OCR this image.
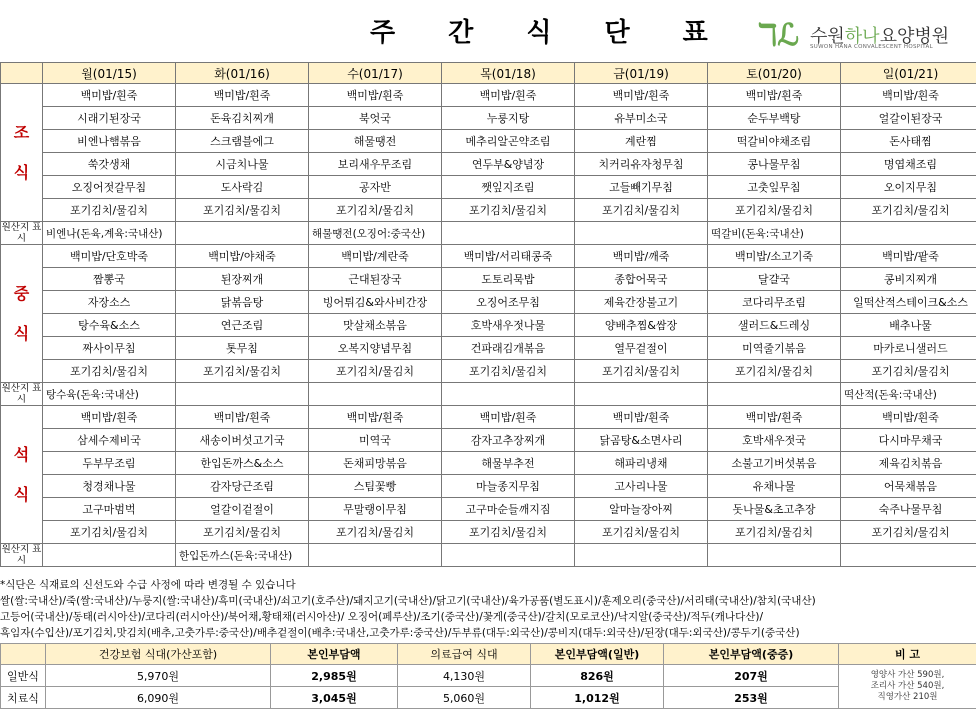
주 간 식 단 표 ℸℒ 수원하나요양병원
SUWON HANA CONVALESCENT HOSPITAL
	월(01/15)	화(01/16)	수(01/17)	목(01/18)	금(01/19)	토(01/20)	일(01/21)

조
식	백미밥/흰죽	백미밥/흰죽	백미밥/흰죽	백미밥/흰죽	백미밥/흰죽	백미밥/흰죽	백미밥/흰죽
	시래기된장국	돈육김치찌개	북엇국	누룽지탕	유부미소국	순두부백탕	얼갈이된장국
	비엔나햄볶음	스크램블에그	해물땡전	메추리알곤약조림	계란찜	떡갈비야채조림	돈사태찜
	쑥갓생채	시금치나물	보리새우무조림	연두부&양념장	치커리유자청무침	콩나물무침	명엽채조림
	오징어젓갈무침	도사락김	공자반	쨋잎지조림	고들빼기무침	고춧잎무침	오이지무침
	포기김치/물김치	포기김치/물김치	포기김치/물김치	포기김치/물김치	포기김치/물김치	포기김치/물김치	포기김치/물김치
원산지 표시	비엔나(돈육,계육:국내산)		해물땡전(오징어:중국산)			떡갈비(돈육:국내산)	

중
식	백미밥/단호박죽	백미밥/야채죽	백미밥/계란죽	백미밥/서리태콩죽	백미밥/깨죽	백미밥/소고기죽	백미밥/팥죽
	짬뽕국	된장찌개	근대된장국	도토리묵밥	종합어묵국	달걀국	콩비지찌개
	자장소스	닭볶음탕	빙어튀김&와사비간장	오징어조무침	제육간장불고기	코다리무조림	일떡산적스테이크&소스
	탕수육&소스	연근조림	맛살채소볶음	호박새우젓나물	양배추찜&쌈장	샐러드&드레싱	배추나물
	짜사이무침	톳무침	오복지양념무침	건파래김개볶음	열무겉절이	미역줄기볶음	마카로니샐러드
	포기김치/물김치	포기김치/물김치	포기김치/물김치	포기김치/물김치	포기김치/물김치	포기김치/물김치	포기김치/물김치
원산지 표시	탕수육(돈육:국내산)						떡산적(돈육:국내산)

석
식	백미밥/흰죽	백미밥/흰죽	백미밥/흰죽	백미밥/흰죽	백미밥/흰죽	백미밥/흰죽	백미밥/흰죽
	삼세수제비국	새송이버섯고기국	미역국	감자고추장찌개	닭곰탕&소면사리	호박새우젓국	다시마무채국
	두부무조림	한입돈까스&소스	돈채피망볶음	해물부추전	해파리냉채	소불고기버섯볶음	제육김치볶음
	청경채나물	감자당근조림	스팀꽃빵	마늘종지무침	고사리나물	유채나물	어묵채볶음
	고구마범벅	얼갈이겉절이	무말랭이무침	고구마순들깨지짐	알마늘장아찌	돗나물&초고추장	숙주나물무침
	포기김치/물김치	포기김치/물김치	포기김치/물김치	포기김치/물김치	포기김치/물김치	포기김치/물김치	포기김치/물김치
원산지 표시		한입돈까스(돈육:국내산)					
*식단은 식재료의 신선도와 수급 사정에 따라 변경될 수 있습니다
쌀(쌀:국내산)/죽(쌀:국내산)/누룽지(쌀:국내산)/흑미(국내산)/쇠고기(호주산)/돼지고기(국내산)/닭고기(국내산)/육가공품(별도표시)/훈제오리(중국산)/서리태(국내산)/참치(국내산)
고등어(국내산)/동태(러시아산)/코다리(러시아산)/북어채,황태채(러시아산)/ 오징어(페루산)/조기(중국산)/꽃게(중국산)/갈치(모로코산)/낙지알(중국산)/적두(캐나다산)/
흑임자(수입산)/포기김치,맛김치(배추,고춧가루:중국산)/배추겉절이(배추:국내산,고춧가루:중국산)/두부류(대두:외국산)/콩비지(대두:외국산)/된장(대두:외국산)/콩두기(중국산)
	건강보험 식대(가산포함)	본인부담액	의료급여 식대	본인부담액(일반)	본인부담액(중증)	비 고
일반식	5,970원	2,985원	4,130원	826원	207원	영양사 가산 590원,
조리사 가산 540원,
직영가산 210원

치료식	6,090원	3,045원	5,060원	1,012원	253원	
